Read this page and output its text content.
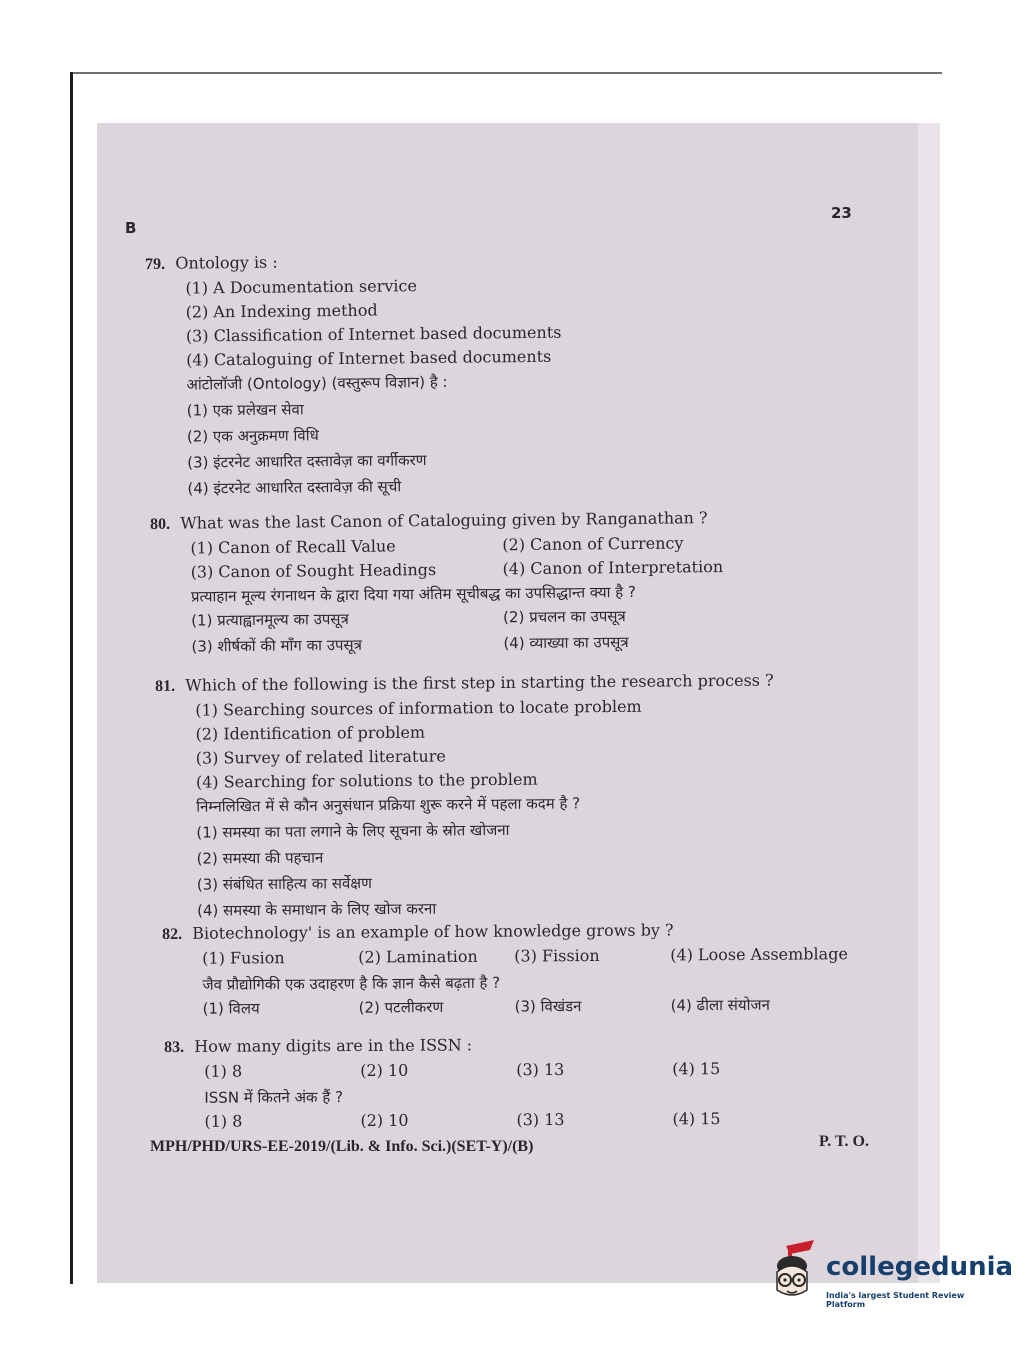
B
23
79. Ontology is :
(1) A Documentation service
(2) An Indexing method
(3) Classification of Internet based documents
(4) Cataloguing of Internet based documents
आंटोलॉजी (Ontology) (वस्तुरूप विज्ञान) है :
(1) एक प्रलेखन सेवा
(2) एक अनुक्रमण विधि
(3) इंटरनेट आधारित दस्तावेज़ का वर्गीकरण
(4) इंटरनेट आधारित दस्तावेज़ की सूची
80. What was the last Canon of Cataloguing given by Ranganathan ?
(1) Canon of Recall Value	(2) Canon of Currency
(3) Canon of Sought Headings	(4) Canon of Interpretation
प्रत्याहान मूल्य रंगनाथन के द्वारा दिया गया अंतिम सूचीबद्ध का उपसिद्धान्त क्या है ?
(1) प्रत्याह्वानमूल्य का उपसूत्र	(2) प्रचलन का उपसूत्र
(3) शीर्षकों की माँग का उपसूत्र	(4) व्याख्या का उपसूत्र
81. Which of the following is the first step in starting the research process ?
(1) Searching sources of information to locate problem
(2) Identification of problem
(3) Survey of related literature
(4) Searching for solutions to the problem
निम्नलिखित में से कौन अनुसंधान प्रक्रिया शुरू करने में पहला कदम है ?
(1) समस्या का पता लगाने के लिए सूचना के स्रोत खोजना
(2) समस्या की पहचान
(3) संबंधित साहित्य का सर्वेक्षण
(4) समस्या के समाधान के लिए खोज करना
82. Biotechnology' is an example of how knowledge grows by ?
(1) Fusion	(2) Lamination (3) Fission	(4) Loose Assemblage
जैव प्रौद्योगिकी एक उदाहरण है कि ज्ञान कैसे बढ़ता है ?
(1) विलय	(2) पटलीकरण	(3) विखंडन	(4) ढीला संयोजन
83. How many digits are in the ISSN :
(1) 8	(2) 10	(3) 13	(4) 15
ISSN में कितने अंक हैं ?
(1) 8	(2) 10	(3) 13	(4) 15
MPH/PHD/URS-EE-2019/(Lib. & Info. Sci.)(SET-Y)/(B)	P. T. O.
collegedunia
India's largest Student Review Platform
